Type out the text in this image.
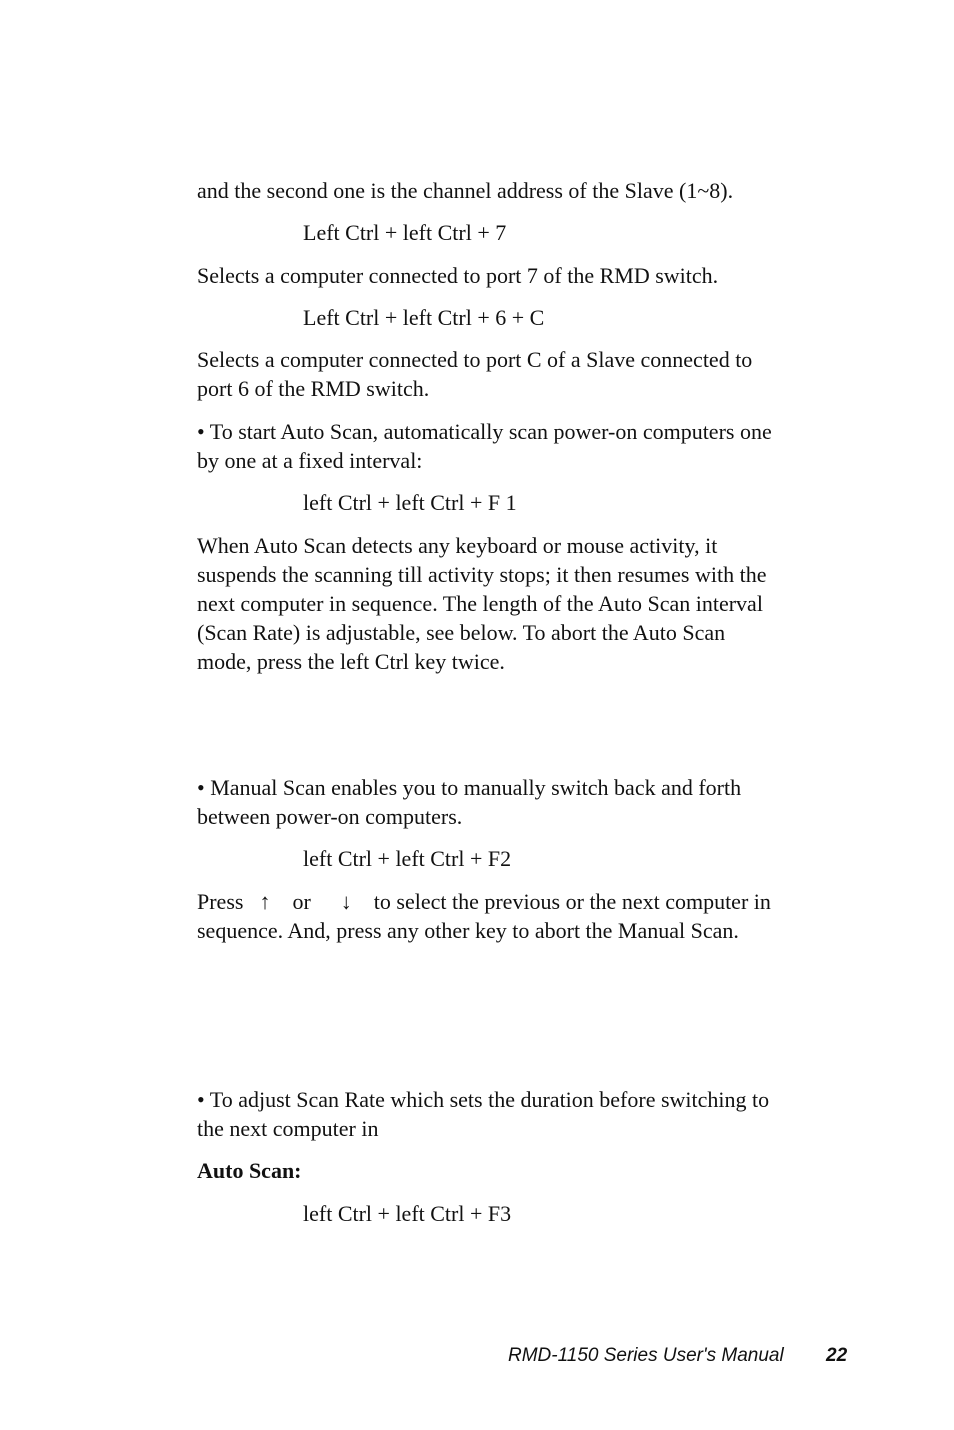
and the second one is the channel address of the Slave (1~8).
Left Ctrl + left Ctrl + 7
Selects a computer connected to port 7 of the RMD switch.
Left Ctrl + left Ctrl + 6 + C
Selects a computer connected to port C of a Slave connected to
port 6 of the RMD switch.
• To start Auto Scan, automatically scan power-on computers one
by one at a fixed interval:
left Ctrl + left Ctrl + F 1
When Auto Scan detects any keyboard or mouse activity, it
suspends the scanning till activity stops; it then resumes with the
next computer in sequence. The length of the Auto Scan interval
(Scan Rate) is adjustable, see below. To abort the Auto Scan
mode, press the left Ctrl key twice.
• Manual Scan enables you to manually switch back and forth
between power-on computers.
left Ctrl + left Ctrl + F2
Press ↑ or ↓ to select the previous or the next computer in
sequence. And, press any other key to abort the Manual Scan.
• To adjust Scan Rate which sets the duration before switching to
the next computer in
Auto Scan:
left Ctrl + left Ctrl + F3
RMD-1150 Series User's Manual 22
